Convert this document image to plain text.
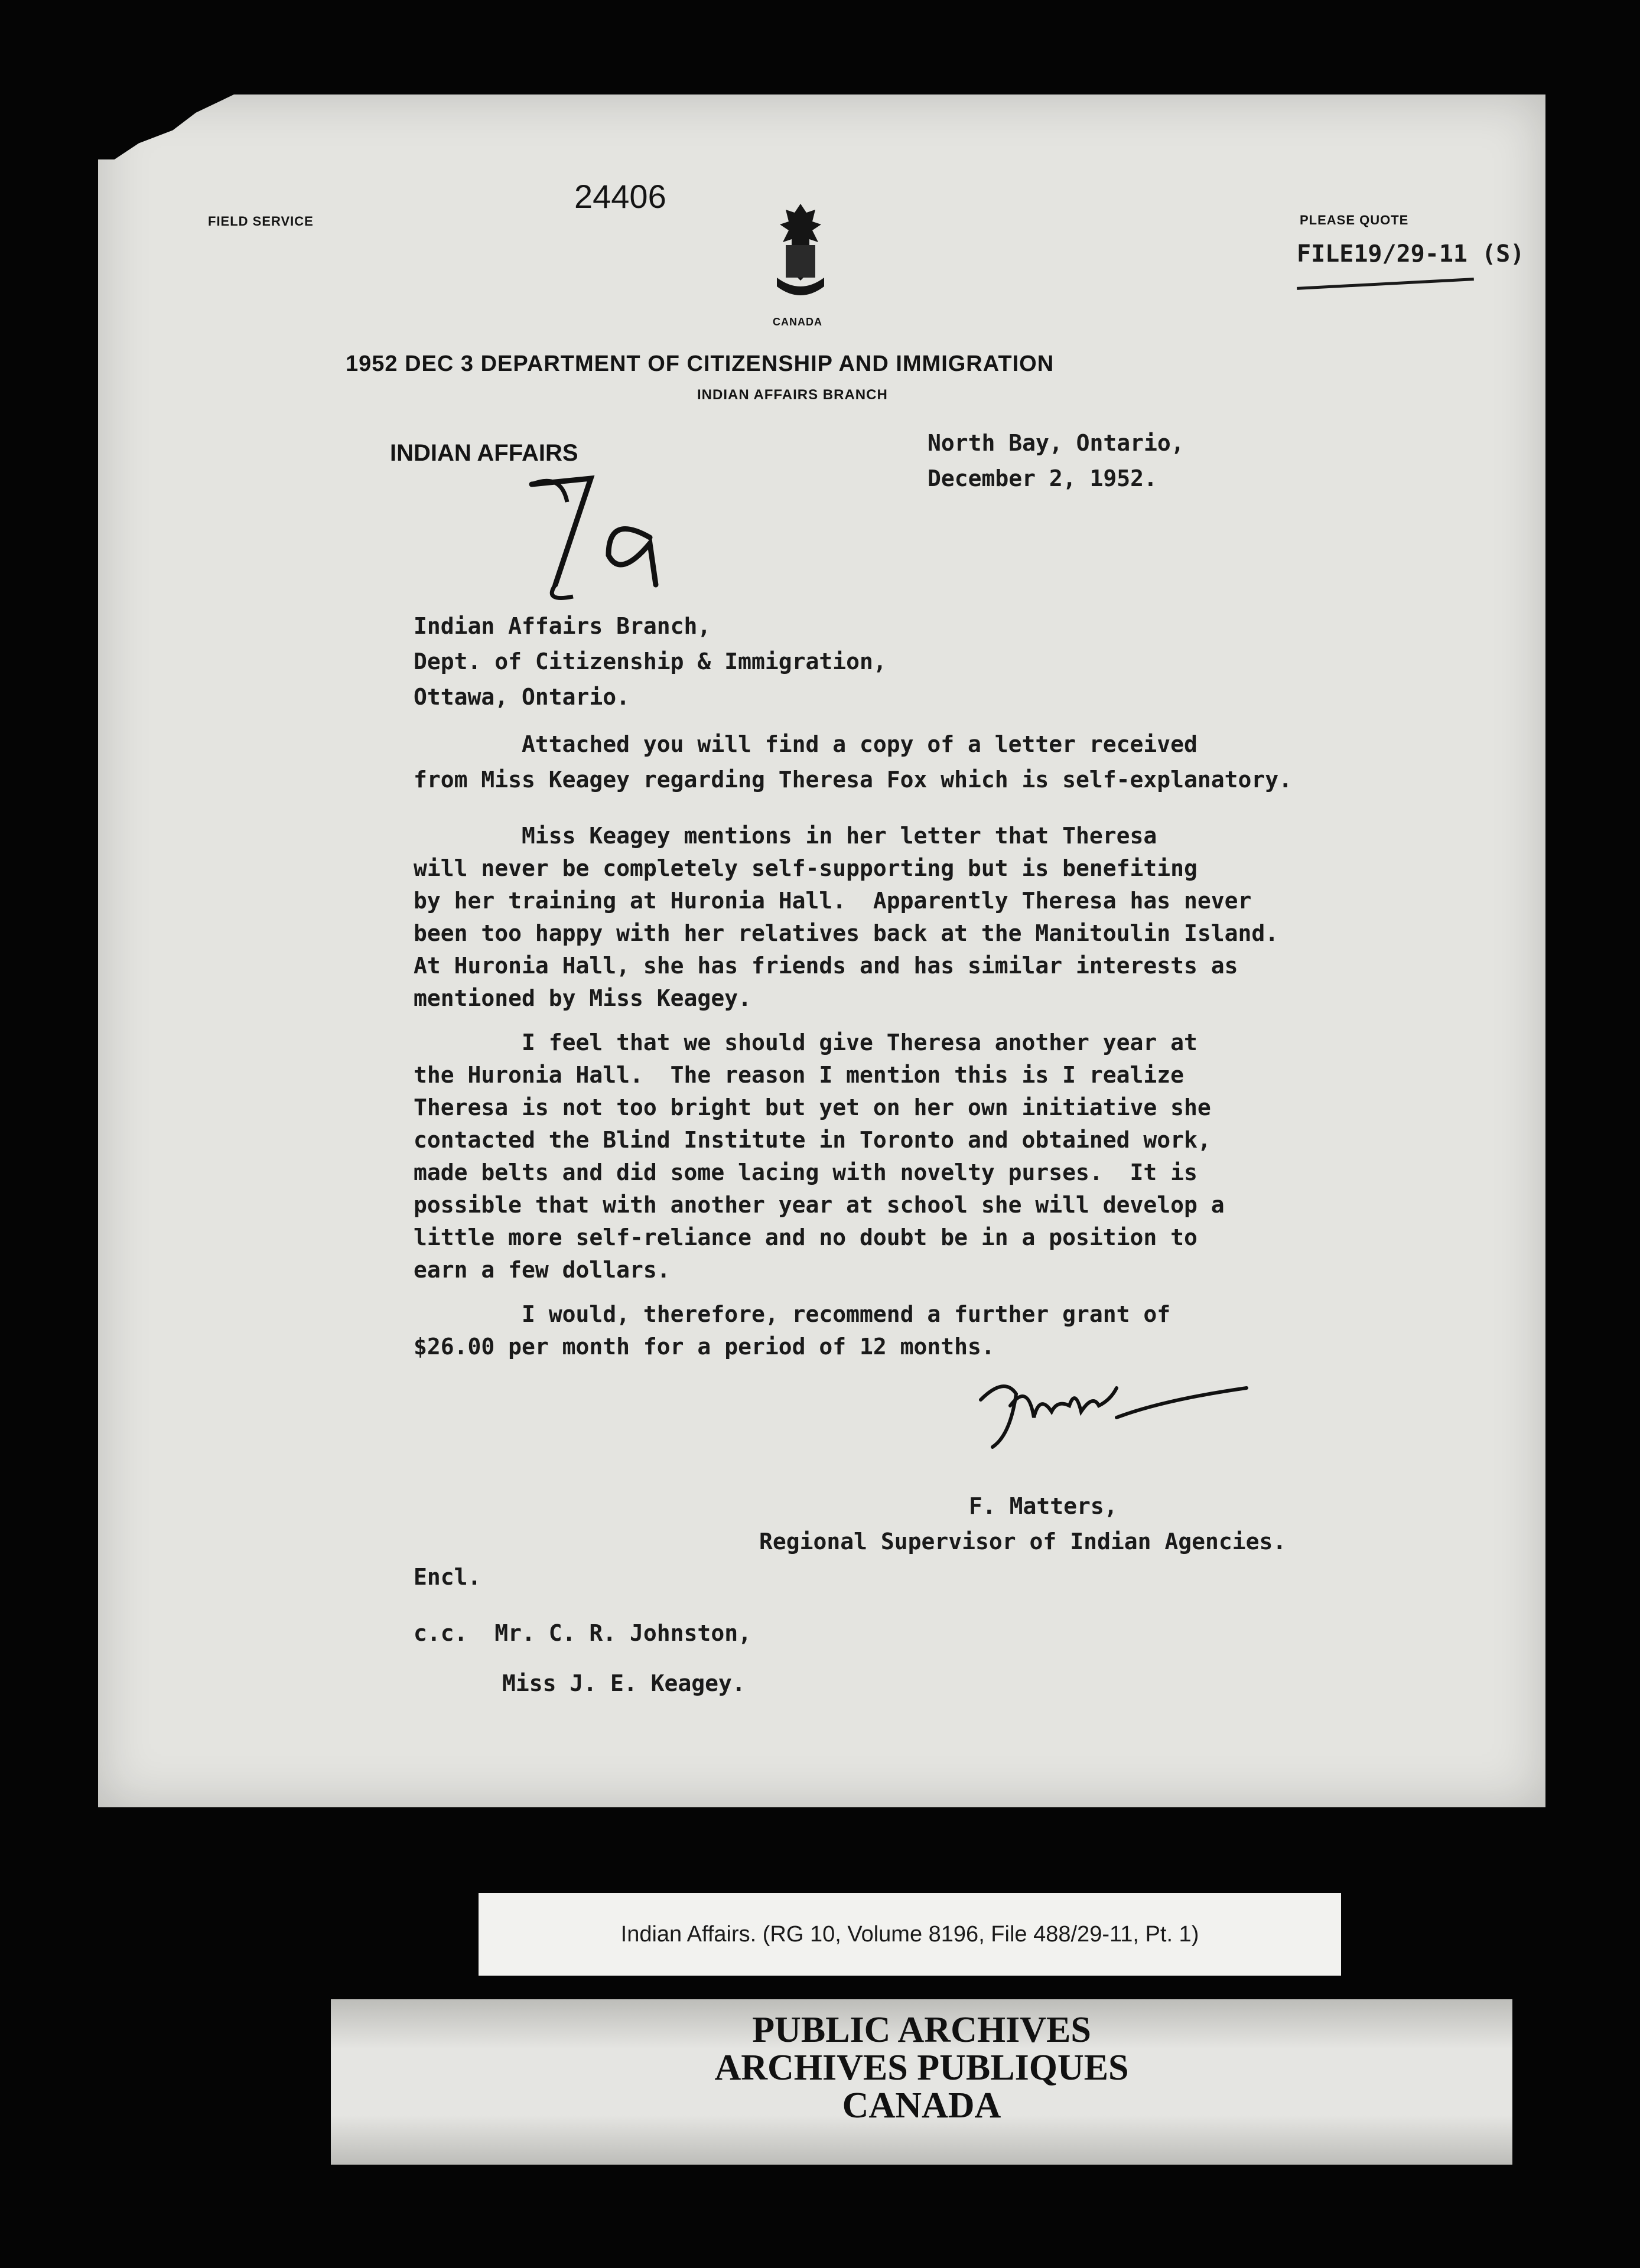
FIELD SERVICE
24406
CANADA
PLEASE QUOTE
FILE19/29-11 (S)
1952 DEC 3 DEPARTMENT OF CITIZENSHIP AND IMMIGRATION
INDIAN AFFAIRS BRANCH
INDIAN AFFAIRS	North Bay, Ontario,
December 2, 1952.
Indian Affairs Branch,
Dept. of Citizenship & Immigration,
Ottawa, Ontario.
Attached you will find a copy of a letter received
from Miss Keagey regarding Theresa Fox which is self-explanatory.
Miss Keagey mentions in her letter that Theresa
will never be completely self-supporting but is benefiting
by her training at Huronia Hall.  Apparently Theresa has never
been too happy with her relatives back at the Manitoulin Island.
At Huronia Hall, she has friends and has similar interests as
mentioned by Miss Keagey.
I feel that we should give Theresa another year at
the Huronia Hall.  The reason I mention this is I realize
Theresa is not too bright but yet on her own initiative she
contacted the Blind Institute in Toronto and obtained work,
made belts and did some lacing with novelty purses.  It is
possible that with another year at school she will develop a
little more self-reliance and no doubt be in a position to
earn a few dollars.
I would, therefore, recommend a further grant of
$26.00 per month for a period of 12 months.
F. Matters,
Regional Supervisor of Indian Agencies.
Encl.
c.c.  Mr. C. R. Johnston,
Miss J. E. Keagey.
Indian Affairs. (RG 10, Volume 8196, File 488/29-11, Pt. 1)
PUBLIC ARCHIVES
ARCHIVES PUBLIQUES
CANADA
